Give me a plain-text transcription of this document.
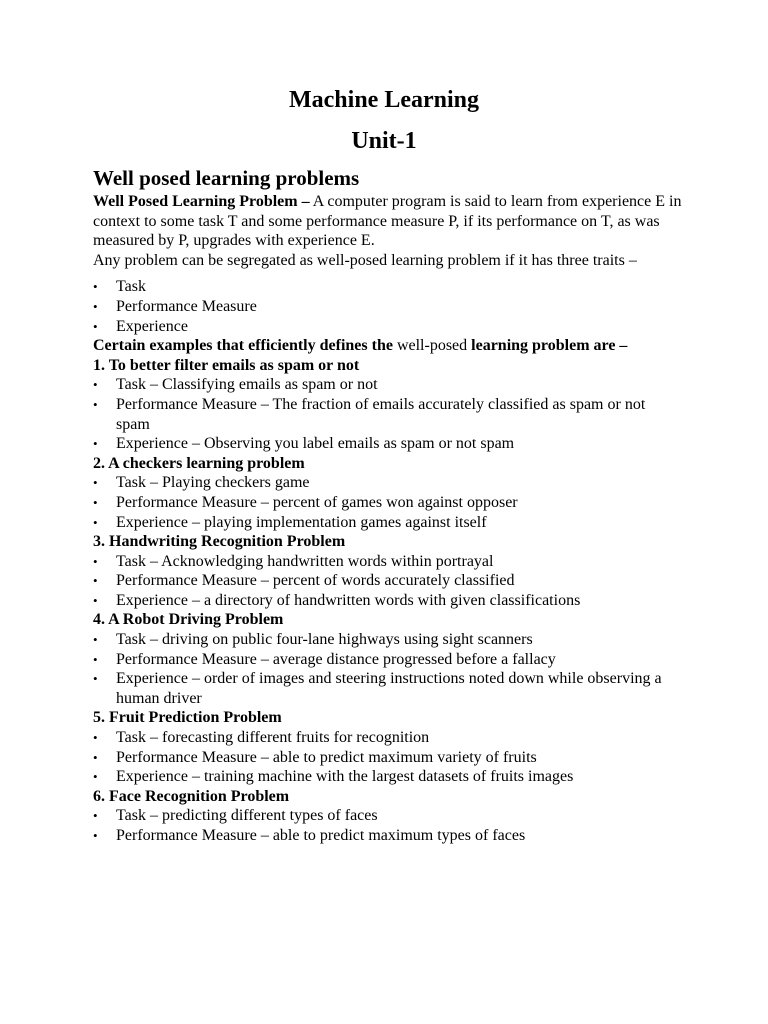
Machine Learning
Unit-1
Well posed learning problems

Well Posed Learning Problem – A computer program is said to learn from experience E in context to some task T and some performance measure P, if its performance on T, as was measured by P, upgrades with experience E.

Any problem can be segregated as well-posed learning problem if it has three traits –

• Task
• Performance Measure
• Experience

Certain examples that efficiently defines the well-posed learning problem are –

1. To better filter emails as spam or not

• Task – Classifying emails as spam or not
• Performance Measure – The fraction of emails accurately classified as spam or not spam
• Experience – Observing you label emails as spam or not spam

2. A checkers learning problem

• Task – Playing checkers game
• Performance Measure – percent of games won against opposer
• Experience – playing implementation games against itself

3. Handwriting Recognition Problem

• Task – Acknowledging handwritten words within portrayal
• Performance Measure – percent of words accurately classified
• Experience – a directory of handwritten words with given classifications

4. A Robot Driving Problem

• Task – driving on public four-lane highways using sight scanners
• Performance Measure – average distance progressed before a fallacy
• Experience – order of images and steering instructions noted down while observing a human driver

5. Fruit Prediction Problem

• Task – forecasting different fruits for recognition
• Performance Measure – able to predict maximum variety of fruits
• Experience – training machine with the largest datasets of fruits images

6. Face Recognition Problem

• Task – predicting different types of faces
• Performance Measure – able to predict maximum types of faces
